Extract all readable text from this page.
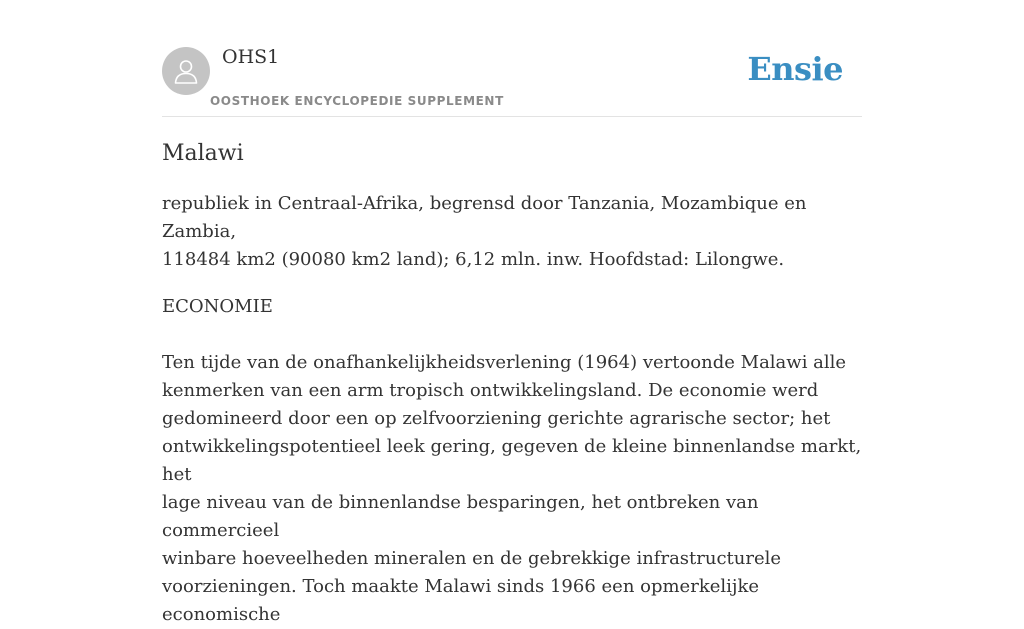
OHS1
OOSTHOEK ENCYCLOPEDIE SUPPLEMENT
Ensie
Malawi

republiek in Centraal-Afrika, begrensd door Tanzania, Mozambique en Zambia,
118484 km2 (90080 km2 land); 6,12 mln. inw. Hoofdstad: Lilongwe.

ECONOMIE

Ten tijde van de onafhankelijkheidsverlening (1964) vertoonde Malawi alle
kenmerken van een arm tropisch ontwikkelingsland. De economie werd
gedomineerd door een op zelfvoorziening gerichte agrarische sector; het
ontwikkelingspotentieel leek gering, gegeven de kleine binnenlandse markt, het
lage niveau van de binnenlandse besparingen, het ontbreken van commercieel
winbare hoeveelheden mineralen en de gebrekkige infrastructurele
voorzieningen. Toch maakte Malawi sinds 1966 een opmerkelijke economische
